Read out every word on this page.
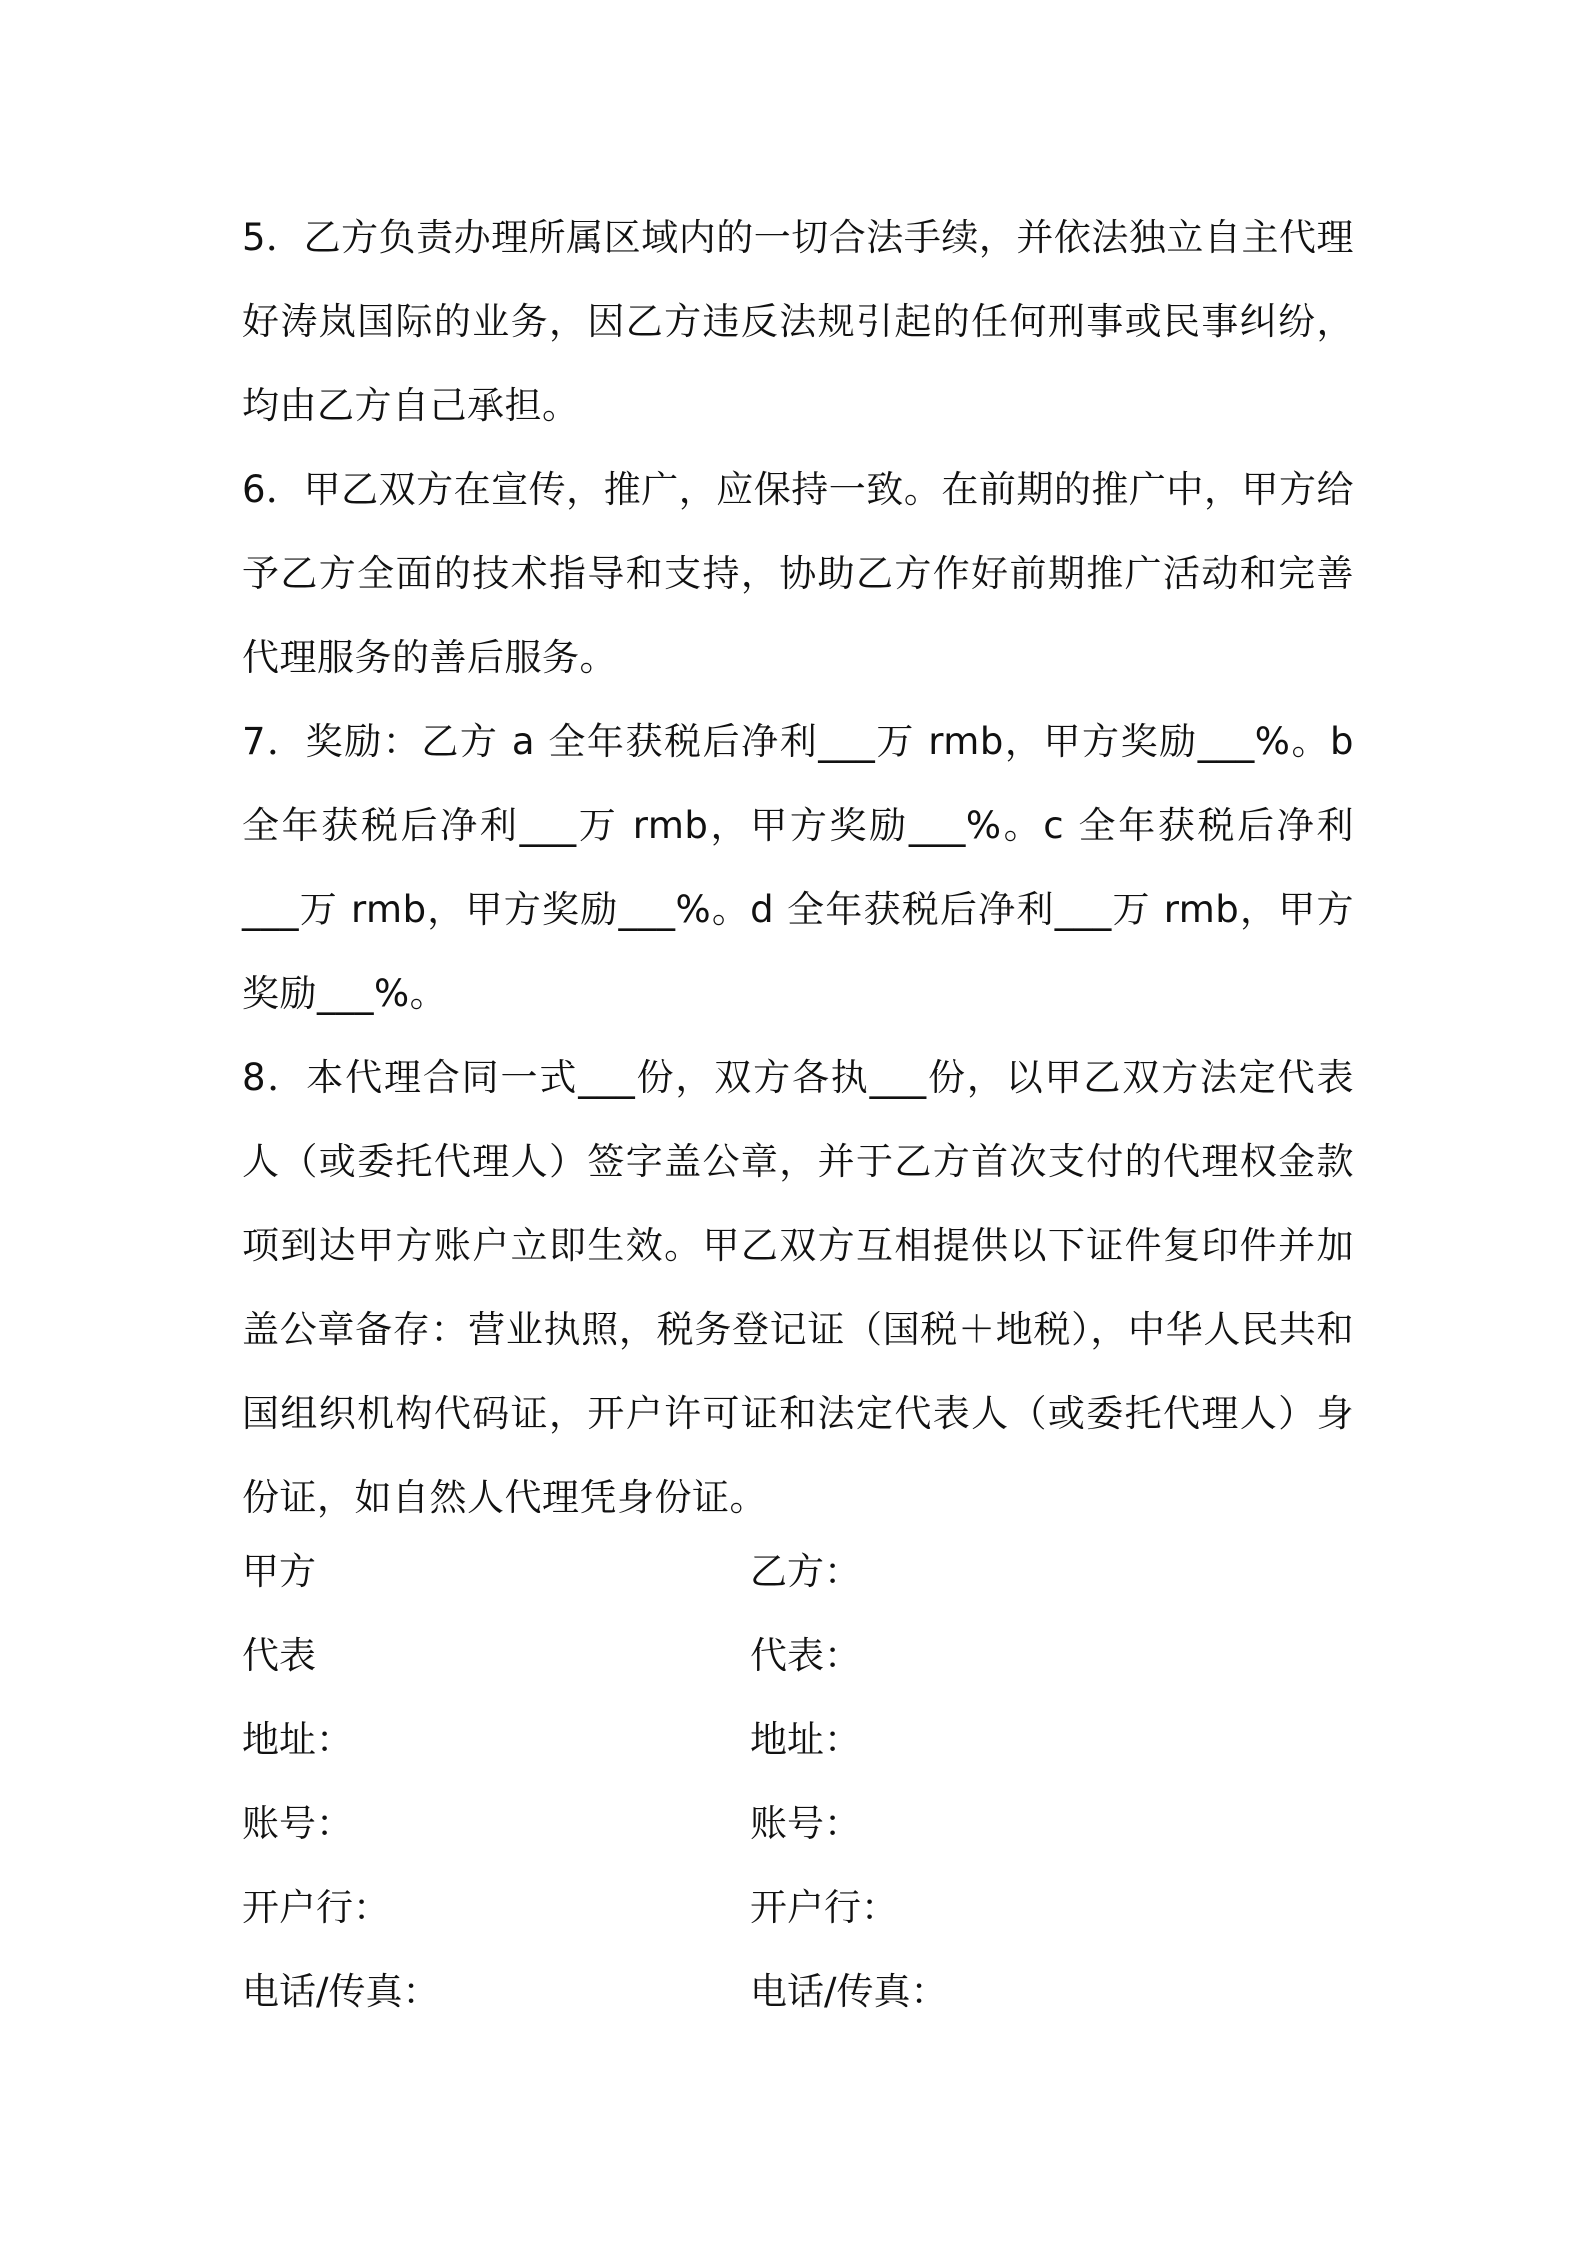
5．乙方负责办理所属区域内的一切合法手续，并依法独立自主代理好涛岚国际的业务，因乙方违反法规引起的任何刑事或民事纠纷，均由乙方自己承担。

6．甲乙双方在宣传，推广，应保持一致。在前期的推广中，甲方给予乙方全面的技术指导和支持，协助乙方作好前期推广活动和完善代理服务的善后服务。

7．奖励：乙方 a 全年获税后净利___万 rmb，甲方奖励___%。b 全年获税后净利___万 rmb，甲方奖励___%。c 全年获税后净利___万 rmb，甲方奖励___%。d 全年获税后净利___万 rmb，甲方奖励___%。

8．本代理合同一式___份，双方各执___份，以甲乙双方法定代表人（或委托代理人）签字盖公章，并于乙方首次支付的代理权金款项到达甲方账户立即生效。甲乙双方互相提供以下证件复印件并加盖公章备存：营业执照，税务登记证（国税＋地税），中华人民共和国组织机构代码证，开户许可证和法定代表人（或委托代理人）身份证，如自然人代理凭身份证。

甲方	乙方：
代表	代表：
地址：	地址：
账号：	账号：
开户行：	开户行：
电话/传真：	电话/传真：
